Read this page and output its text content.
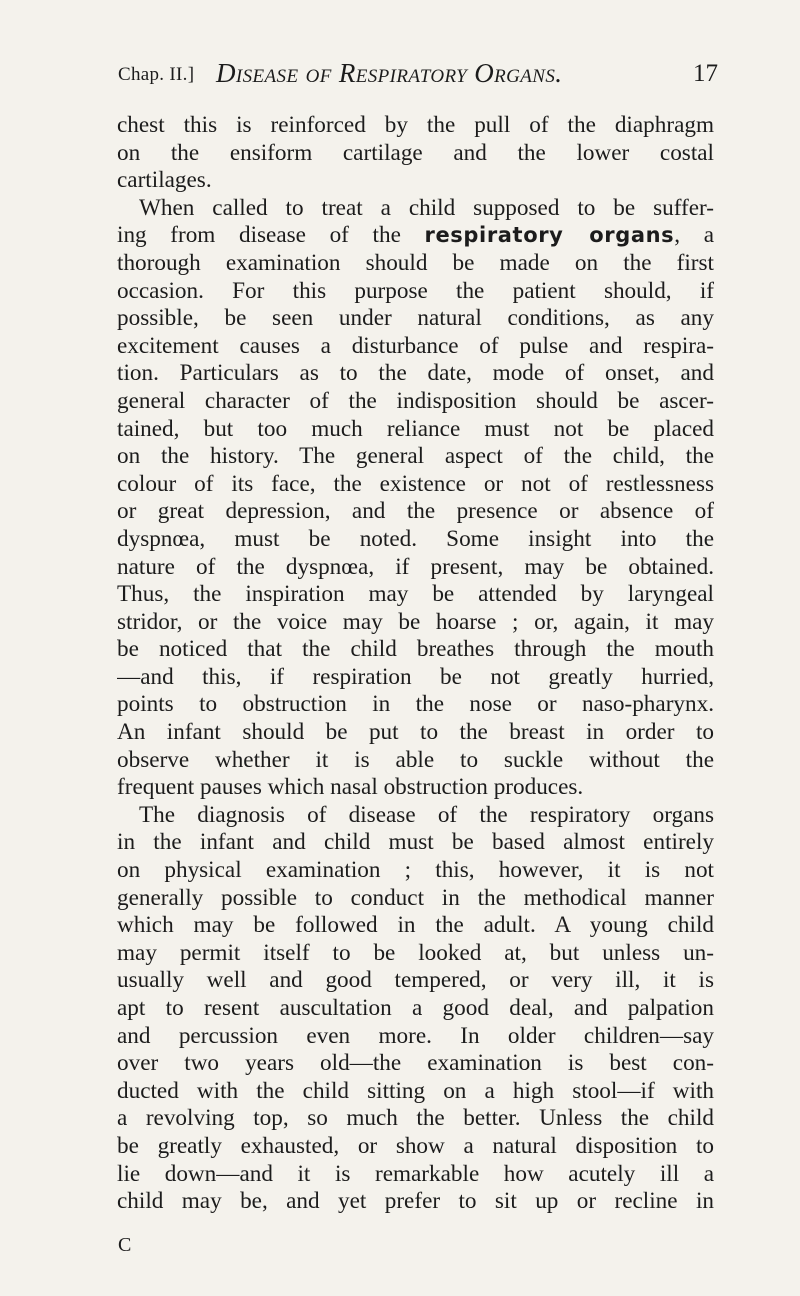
Chap. II.] Disease of Respiratory Organs.	17
chest this is reinforced by the pull of the diaphragm
on the ensiform cartilage and the lower costal
cartilages.
When called to treat a child supposed to be suffer-
ing from disease of the respiratory organs, a
thorough examination should be made on the first
occasion. For this purpose the patient should, if
possible, be seen under natural conditions, as any
excitement causes a disturbance of pulse and respira-
tion. Particulars as to the date, mode of onset, and
general character of the indisposition should be ascer-
tained, but too much reliance must not be placed
on the history. The general aspect of the child, the
colour of its face, the existence or not of restlessness
or great depression, and the presence or absence of
dyspnœa, must be noted. Some insight into the
nature of the dyspnœa, if present, may be obtained.
Thus, the inspiration may be attended by laryngeal
stridor, or the voice may be hoarse ; or, again, it may
be noticed that the child breathes through the mouth
—and this, if respiration be not greatly hurried,
points to obstruction in the nose or naso-pharynx.
An infant should be put to the breast in order to
observe whether it is able to suckle without the
frequent pauses which nasal obstruction produces.
The diagnosis of disease of the respiratory organs
in the infant and child must be based almost entirely
on physical examination ; this, however, it is not
generally possible to conduct in the methodical manner
which may be followed in the adult. A young child
may permit itself to be looked at, but unless un-
usually well and good tempered, or very ill, it is
apt to resent auscultation a good deal, and palpation
and percussion even more. In older children—say
over two years old—the examination is best con-
ducted with the child sitting on a high stool—if with
a revolving top, so much the better. Unless the child
be greatly exhausted, or show a natural disposition to
lie down—and it is remarkable how acutely ill a
child may be, and yet prefer to sit up or recline in
C
